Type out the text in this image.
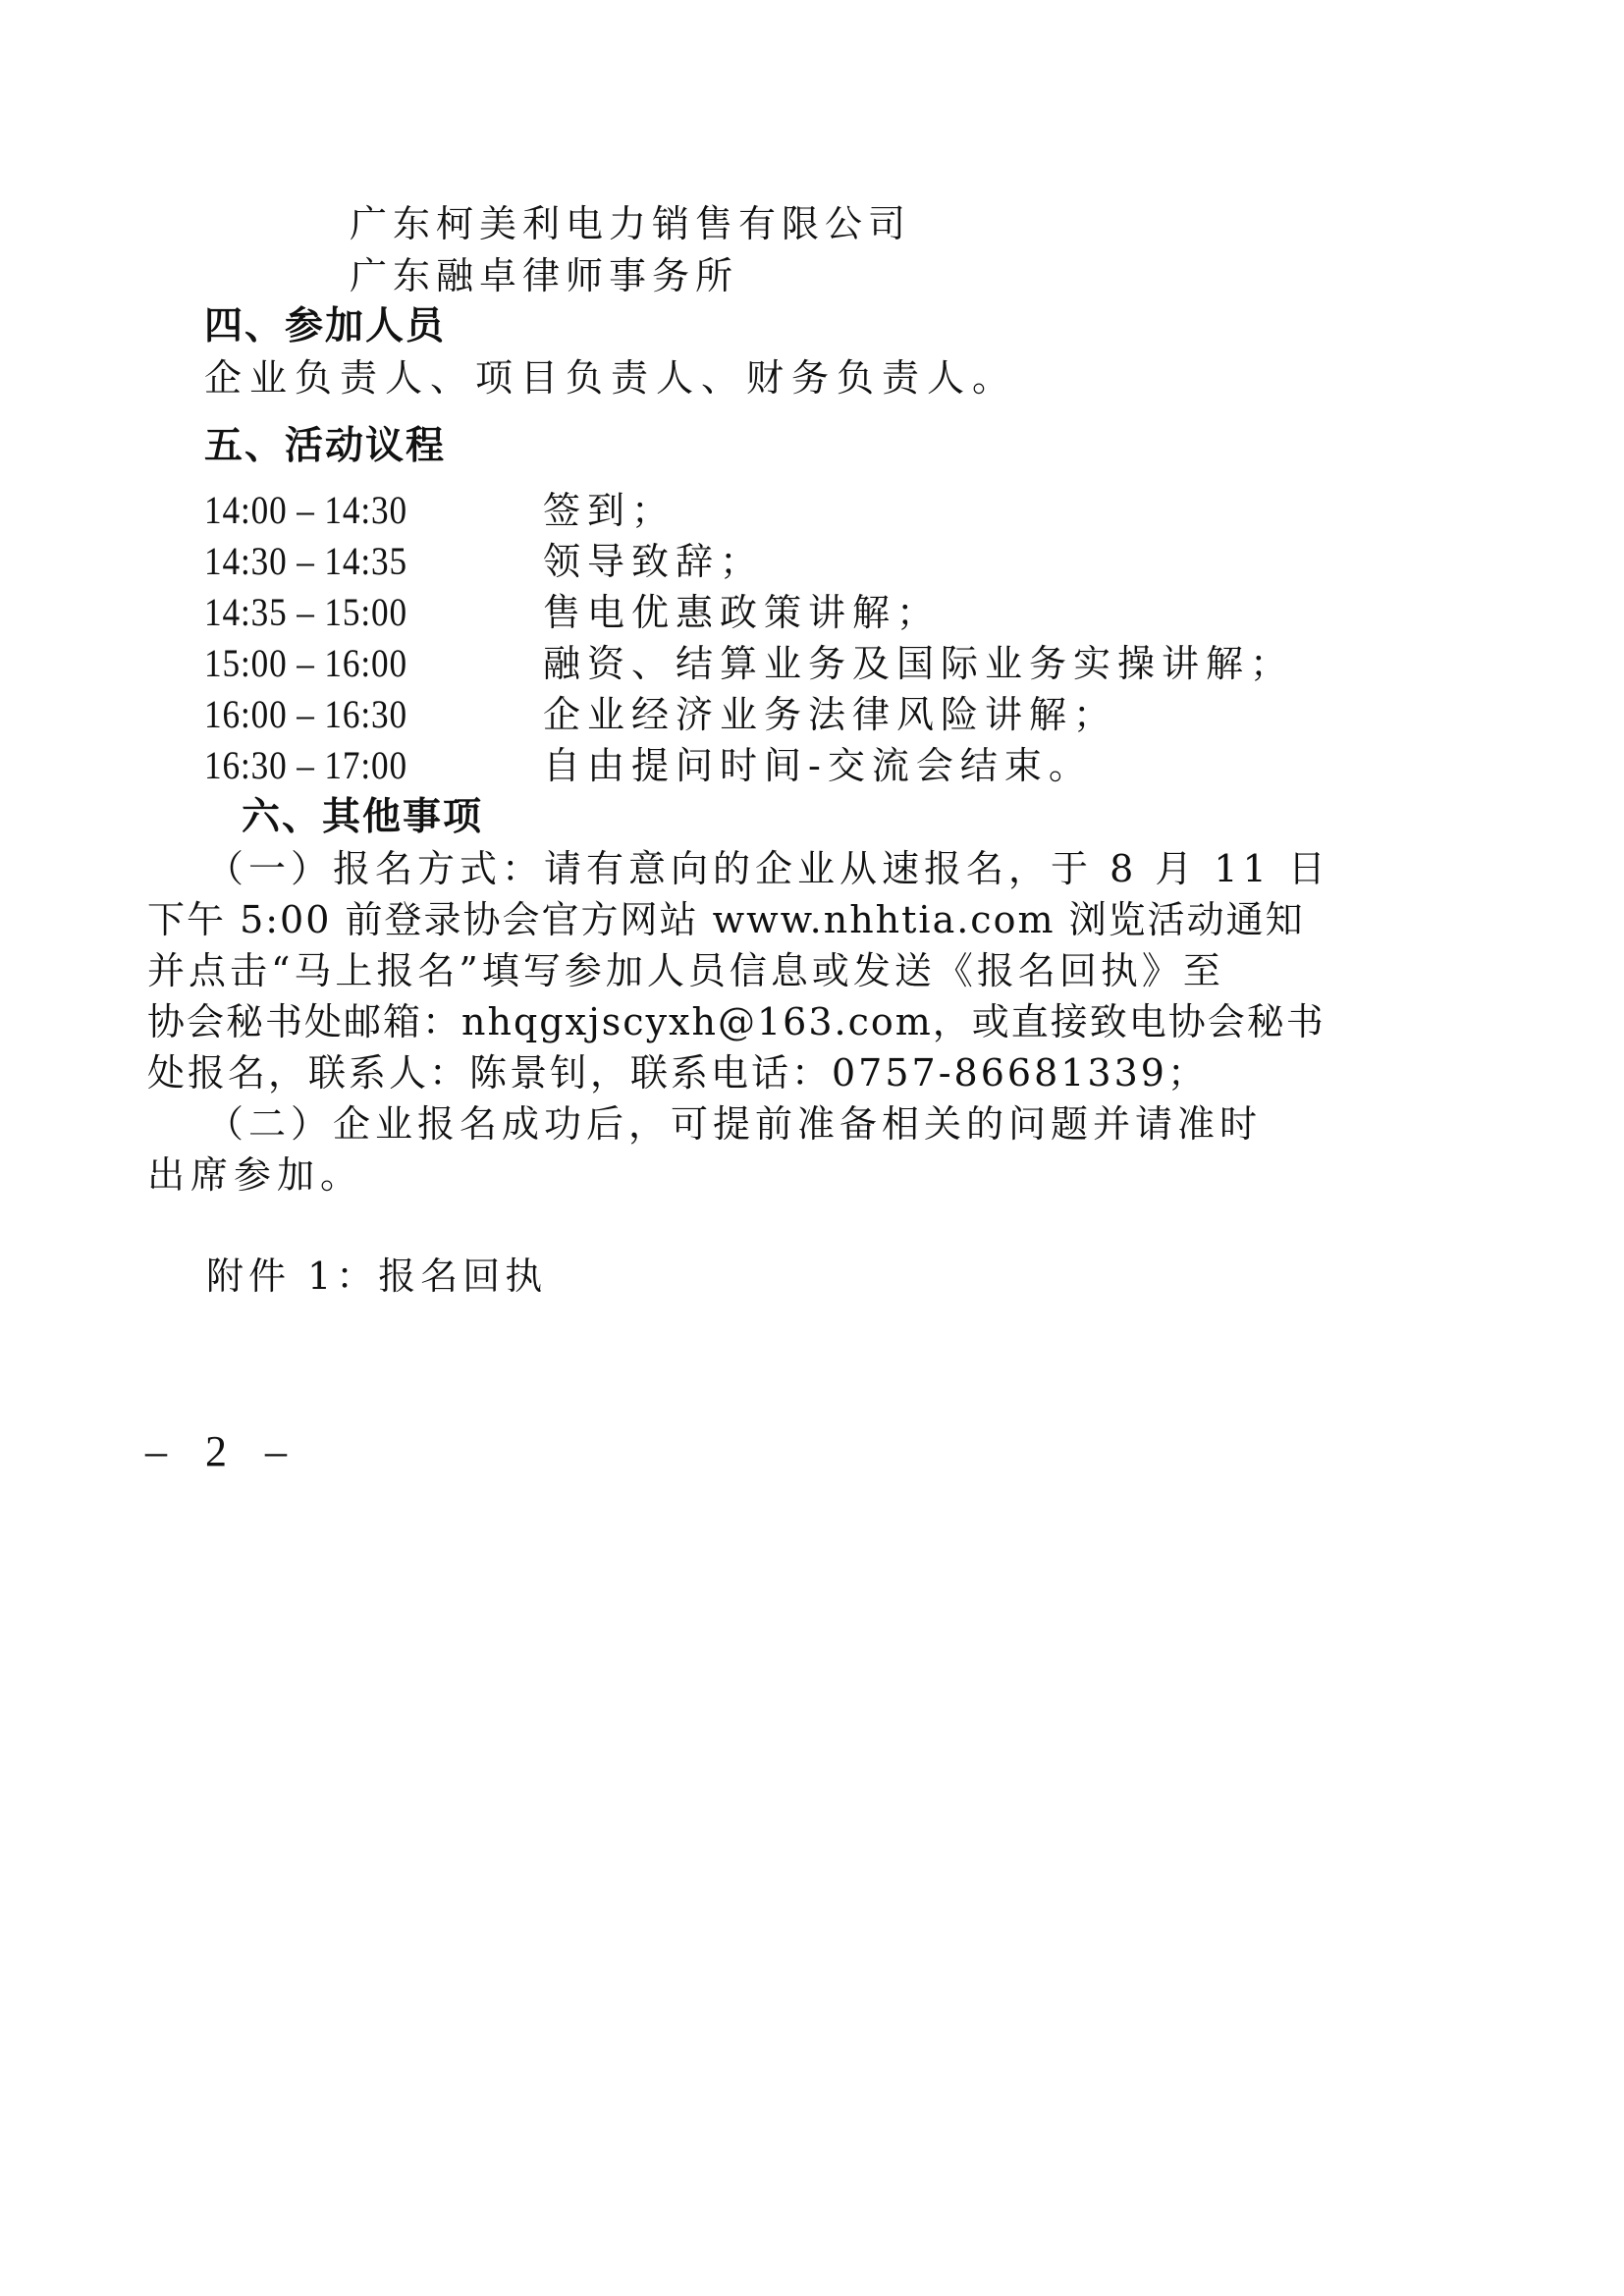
广东柯美利电力销售有限公司
广东融卓律师事务所
四、参加人员
企业负责人、项目负责人、财务负责人。
五、活动议程
14:00 – 14:30	签到；
14:30 – 14:35	领导致辞；
14:35 – 15:00	售电优惠政策讲解；
15:00 – 16:00	融资、结算业务及国际业务实操讲解；
16:00 – 16:30	企业经济业务法律风险讲解；
16:30 – 17:00	自由提问时间-交流会结束。
六、其他事项
（一）报名方式：请有意向的企业从速报名，于 8 月 11 日
下午 5:00 前登录协会官方网站 www.nhhtia.com 浏览活动通知
并点击“马上报名”填写参加人员信息或发送《报名回执》至
协会秘书处邮箱：nhqgxjscyxh@163.com，或直接致电协会秘书
处报名，联系人：陈景钊，联系电话：0757-86681339；
（二）企业报名成功后，可提前准备相关的问题并请准时
出席参加。
附件 1：报名回执
– 2 –
